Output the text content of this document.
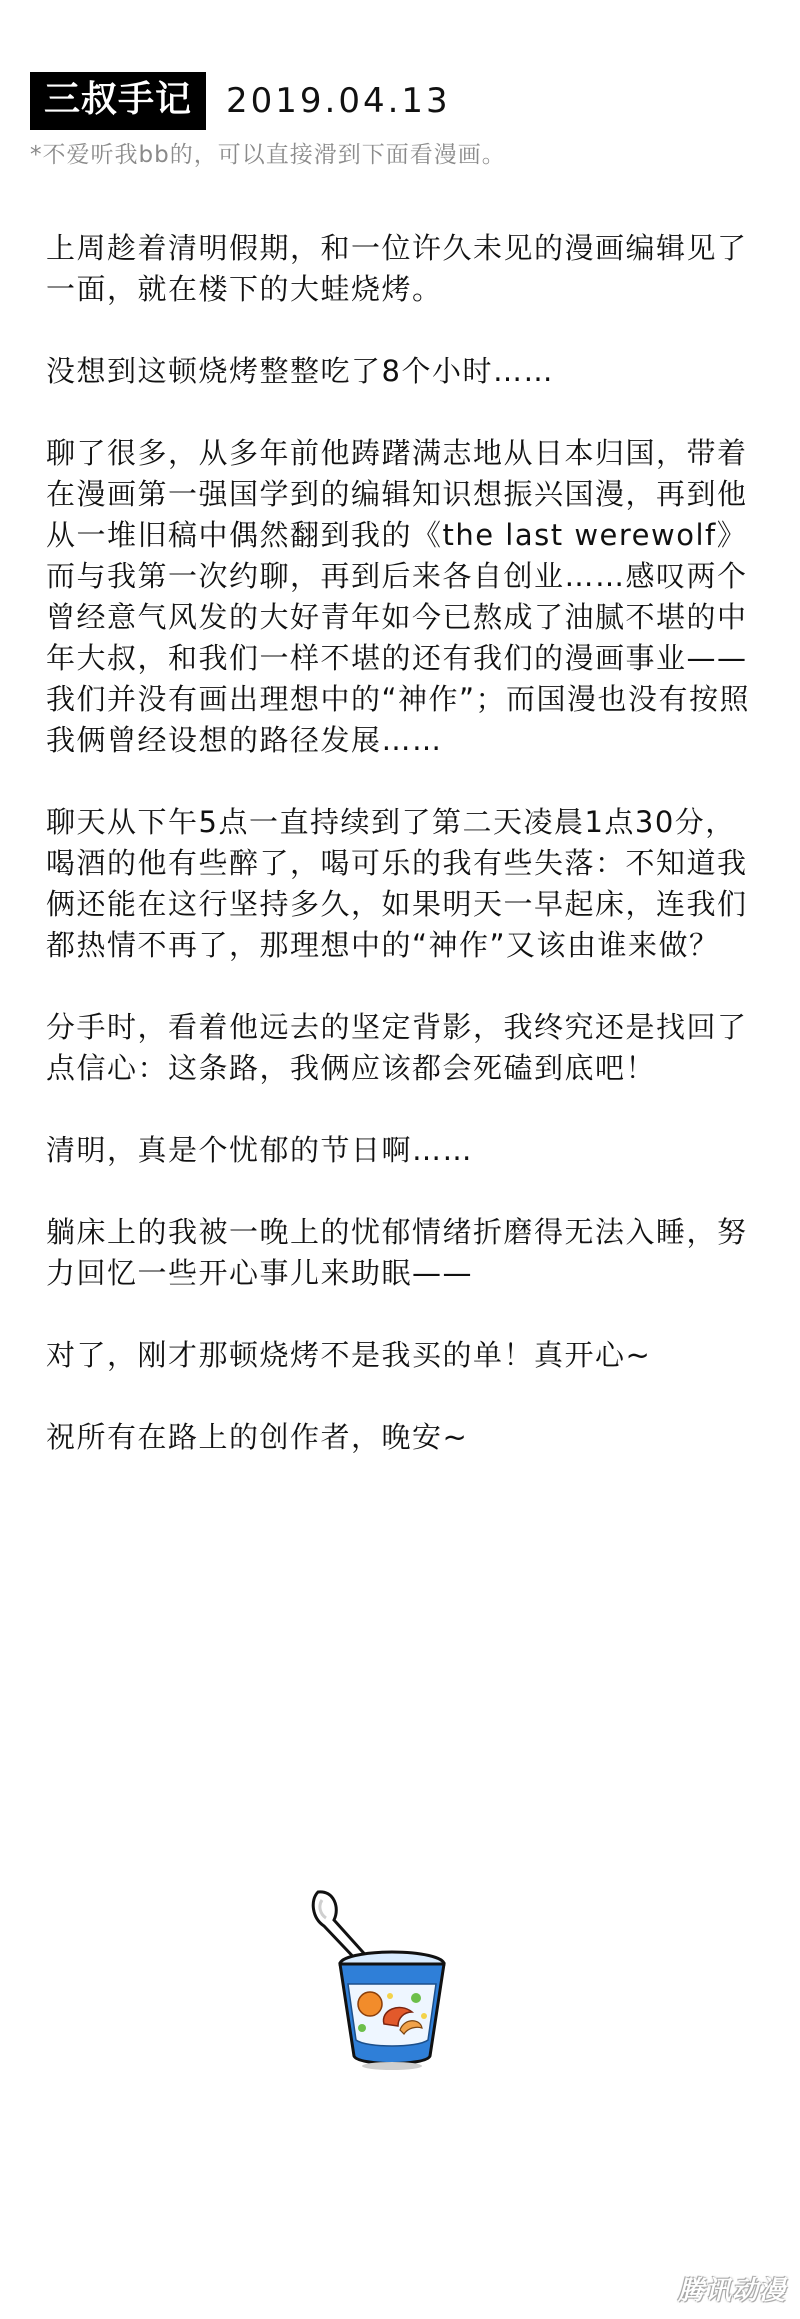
三叔手记	2019.04.13
*不爱听我bb的，可以直接滑到下面看漫画。

上周趁着清明假期，和一位许久未见的漫画编辑见了一面，就在楼下的大蛙烧烤。

没想到这顿烧烤整整吃了8个小时……

聊了很多，从多年前他踌躇满志地从日本归国，带着在漫画第一强国学到的编辑知识想振兴国漫，再到他从一堆旧稿中偶然翻到我的《the last werewolf》而与我第一次约聊，再到后来各自创业……感叹两个曾经意气风发的大好青年如今已熬成了油腻不堪的中年大叔，和我们一样不堪的还有我们的漫画事业——我们并没有画出理想中的“神作”；而国漫也没有按照我俩曾经设想的路径发展……

聊天从下午5点一直持续到了第二天凌晨1点30分，喝酒的他有些醉了，喝可乐的我有些失落：不知道我俩还能在这行坚持多久，如果明天一早起床，连我们都热情不再了，那理想中的“神作”又该由谁来做？

分手时，看着他远去的坚定背影，我终究还是找回了点信心：这条路，我俩应该都会死磕到底吧！

清明，真是个忧郁的节日啊……

躺床上的我被一晚上的忧郁情绪折磨得无法入睡，努力回忆一些开心事儿来助眠——

对了，刚才那顿烧烤不是我买的单！真开心~

祝所有在路上的创作者，晚安~

腾讯动漫
